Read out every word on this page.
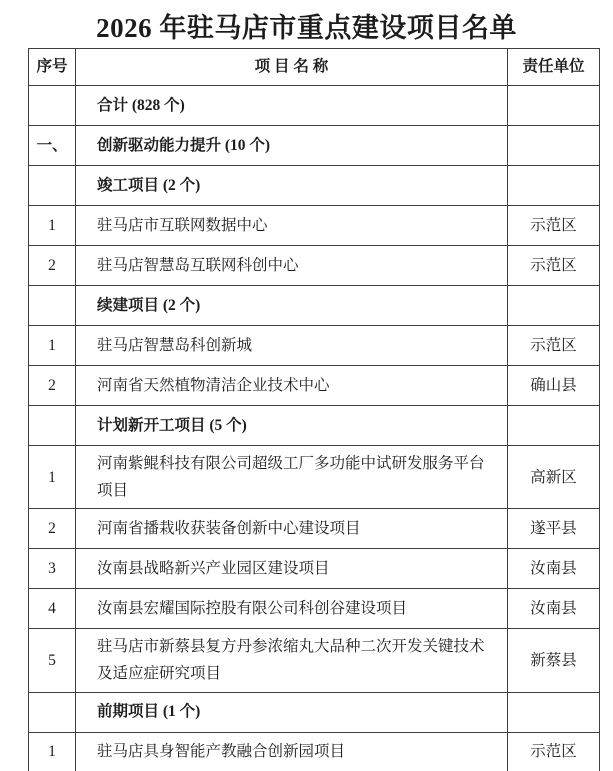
2026 年驻马店市重点建设项目名单
序号	项 目 名 称	责任单位
	合计 (828 个)	
一、	创新驱动能力提升 (10 个)	
	竣工项目 (2 个)	
1	驻马店市互联网数据中心	示范区
2	驻马店智慧岛互联网科创中心	示范区
	续建项目 (2 个)	
1	驻马店智慧岛科创新城	示范区
2	河南省天然植物清洁企业技术中心	确山县
	计划新开工项目 (5 个)	
1	河南紫鲲科技有限公司超级工厂多功能中试研发服务平台项目	高新区
2	河南省播栽收获装备创新中心建设项目	遂平县
3	汝南县战略新兴产业园区建设项目	汝南县
4	汝南县宏耀国际控股有限公司科创谷建设项目	汝南县
5	驻马店市新蔡县复方丹参浓缩丸大品种二次开发关键技术及适应症研究项目	新蔡县
	前期项目 (1 个)	
1	驻马店具身智能产教融合创新园项目	示范区
